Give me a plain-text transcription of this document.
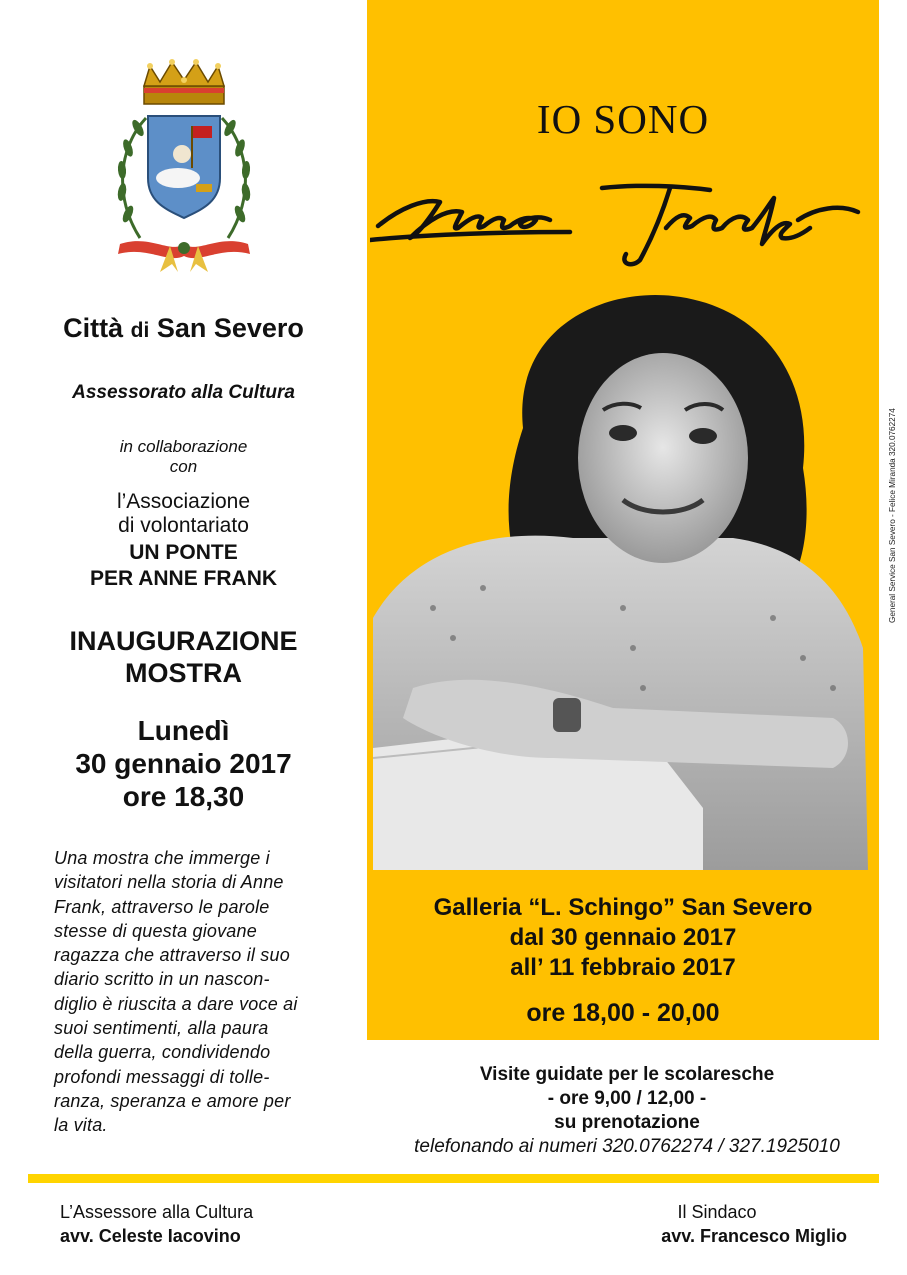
Città di San Severo
Assessorato alla Cultura
in collaborazione
con
l’Associazione
di volontariato
UN PONTE
PER ANNE FRANK
INAUGURAZIONE
MOSTRA
Lunedì
30 gennaio 2017
ore 18,30

Una mostra che immerge i

visitatori nella storia di Anne

Frank, attraverso le parole

stesse di questa giovane

ragazza che attraverso il suo

diario scritto in un nascon-

diglio è riuscita a dare voce ai

suoi sentimenti, alla paura

della guerra, condividendo

profondi messaggi di tolle-

ranza, speranza e amore per

la vita.

IO SONO
Galleria “L. Schingo” San Severo
dal 30 gennaio 2017
all’ 11 febbraio 2017
ore 18,00 - 20,00
Visite guidate per le scolaresche
- ore 9,00 / 12,00 -
su prenotazione
telefonando ai numeri 320.0762274 / 327.1925010
General Service San Severo - Felice Miranda 320.0762274
L’Assessore alla Cultura
avv. Celeste Iacovino
Il Sindaco
avv. Francesco Miglio
